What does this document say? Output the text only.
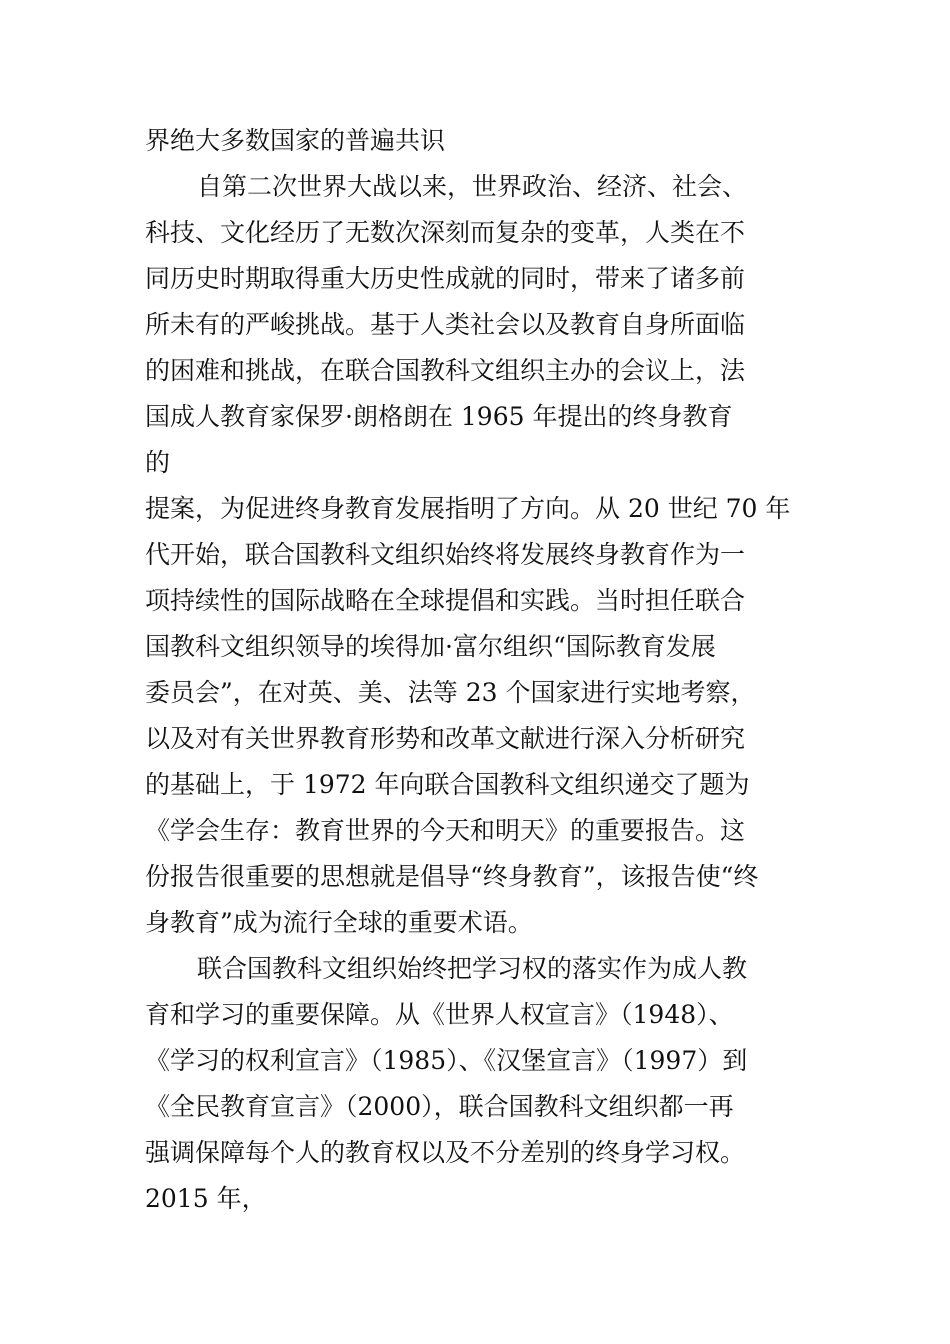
界绝大多数国家的普遍共识
自第二次世界大战以来，世界政治、经济、社会、
科技、文化经历了无数次深刻而复杂的变革，人类在不
同历史时期取得重大历史性成就的同时，带来了诸多前
所未有的严峻挑战。基于人类社会以及教育自身所面临
的困难和挑战，在联合国教科文组织主办的会议上，法
国成人教育家保罗·朗格朗在 1965 年提出的终身教育
的
提案，为促进终身教育发展指明了方向。从 20 世纪 70 年
代开始，联合国教科文组织始终将发展终身教育作为一
项持续性的国际战略在全球提倡和实践。当时担任联合
国教科文组织领导的埃得加·富尔组织“国际教育发展
委员会”，在对英、美、法等 23 个国家进行实地考察，
以及对有关世界教育形势和改革文献进行深入分析研究
的基础上，于 1972 年向联合国教科文组织递交了题为
《学会生存：教育世界的今天和明天》的重要报告。这
份报告很重要的思想就是倡导“终身教育”，该报告使“终
身教育”成为流行全球的重要术语。
联合国教科文组织始终把学习权的落实作为成人教
育和学习的重要保障。从《世界人权宣言》（1948）、
《学习的权利宣言》（1985）、《汉堡宣言》（1997）到
《全民教育宣言》（2000），联合国教科文组织都一再
强调保障每个人的教育权以及不分差别的终身学习权。
2015 年，
